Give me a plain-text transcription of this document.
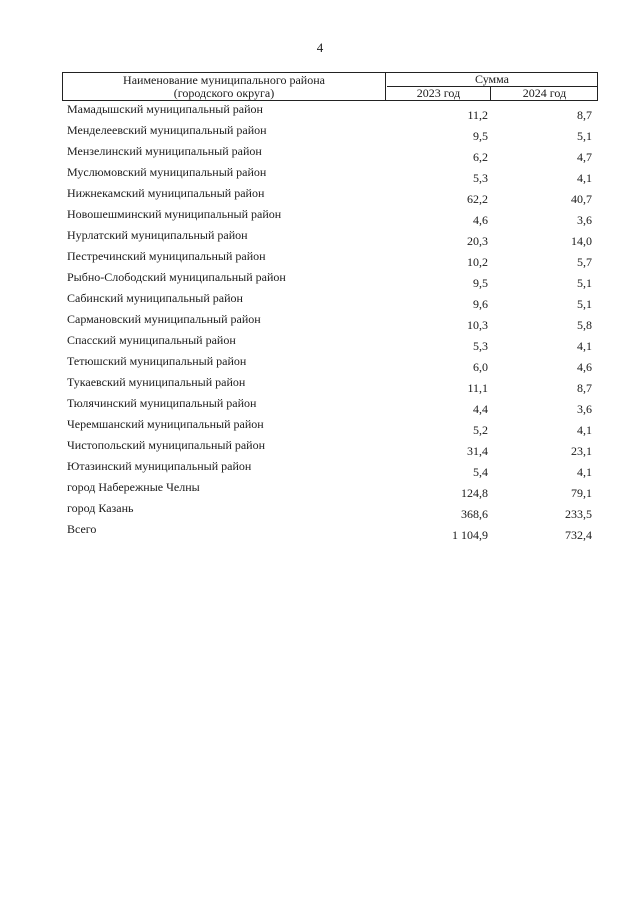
4
Наименование муниципального района
(городского округа)
Сумма
2023 год	2024 год
Мамадышский муниципальный район	11,2	8,7
Менделеевский муниципальный район	9,5	5,1
Мензелинский муниципальный район	6,2	4,7
Муслюмовский муниципальный район	5,3	4,1
Нижнекамский муниципальный район	62,2	40,7
Новошешминский муниципальный район	4,6	3,6
Нурлатский муниципальный район	20,3	14,0
Пестречинский муниципальный район	10,2	5,7
Рыбно-Слободский муниципальный район	9,5	5,1
Сабинский муниципальный район	9,6	5,1
Сармановский муниципальный район	10,3	5,8
Спасский муниципальный район	5,3	4,1
Тетюшский муниципальный район	6,0	4,6
Тукаевский муниципальный район	11,1	8,7
Тюлячинский муниципальный район	4,4	3,6
Черемшанский муниципальный район	5,2	4,1
Чистопольский муниципальный район	31,4	23,1
Ютазинский муниципальный район	5,4	4,1
город Набережные Челны	124,8	79,1
город Казань	368,6	233,5
Всего	1 104,9	732,4
